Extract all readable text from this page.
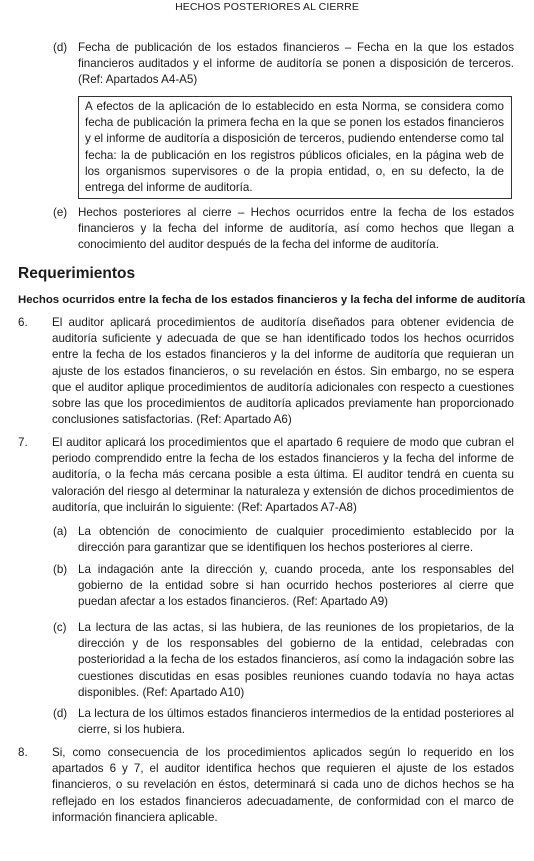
HECHOS POSTERIORES AL CIERRE
(d) Fecha de publicación de los estados financieros – Fecha en la que los estados financieros auditados y el informe de auditoría se ponen a disposición de terceros. (Ref: Apartados A4-A5)
A efectos de la aplicación de lo establecido en esta Norma, se considera como fecha de publicación la primera fecha en la que se ponen los estados financieros y el informe de auditoría a disposición de terceros, pudiendo entenderse como tal fecha: la de publicación en los registros públicos oficiales, en la página web de los organismos supervisores o de la propia entidad, o, en su defecto, la de entrega del informe de auditoría.
(e) Hechos posteriores al cierre – Hechos ocurridos entre la fecha de los estados financieros y la fecha del informe de auditoría, así como hechos que llegan a conocimiento del auditor después de la fecha del informe de auditoría.
Requerimientos
Hechos ocurridos entre la fecha de los estados financieros y la fecha del informe de auditoría
6.	El auditor aplicará procedimientos de auditoría diseñados para obtener evidencia de auditoría suficiente y adecuada de que se han identificado todos los hechos ocurridos entre la fecha de los estados financieros y la del informe de auditoría que requieran un ajuste de los estados financieros, o su revelación en éstos. Sin embargo, no se espera que el auditor aplique procedimientos de auditoría adicionales con respecto a cuestiones sobre las que los procedimientos de auditoría aplicados previamente han proporcionado conclusiones satisfactorias. (Ref: Apartado A6)
7.	El auditor aplicará los procedimientos que el apartado 6 requiere de modo que cubran el periodo comprendido entre la fecha de los estados financieros y la fecha del informe de auditoría, o la fecha más cercana posible a esta última. El auditor tendrá en cuenta su valoración del riesgo al determinar la naturaleza y extensión de dichos procedimientos de auditoría, que incluirán lo siguiente: (Ref: Apartados A7-A8)
(a) La obtención de conocimiento de cualquier procedimiento establecido por la dirección para garantizar que se identifiquen los hechos posteriores al cierre.
(b) La indagación ante la dirección y, cuando proceda, ante los responsables del gobierno de la entidad sobre si han ocurrido hechos posteriores al cierre que puedan afectar a los estados financieros. (Ref: Apartado A9)
(c) La lectura de las actas, si las hubiera, de las reuniones de los propietarios, de la dirección y de los responsables del gobierno de la entidad, celebradas con posterioridad a la fecha de los estados financieros, así como la indagación sobre las cuestiones discutidas en esas posibles reuniones cuando todavía no haya actas disponibles. (Ref: Apartado A10)
(d) La lectura de los últimos estados financieros intermedios de la entidad posteriores al cierre, si los hubiera.
8.	Si, como consecuencia de los procedimientos aplicados según lo requerido en los apartados 6 y 7, el auditor identifica hechos que requieren el ajuste de los estados financieros, o su revelación en éstos, determinará si cada uno de dichos hechos se ha reflejado en los estados financieros adecuadamente, de conformidad con el marco de información financiera aplicable.
